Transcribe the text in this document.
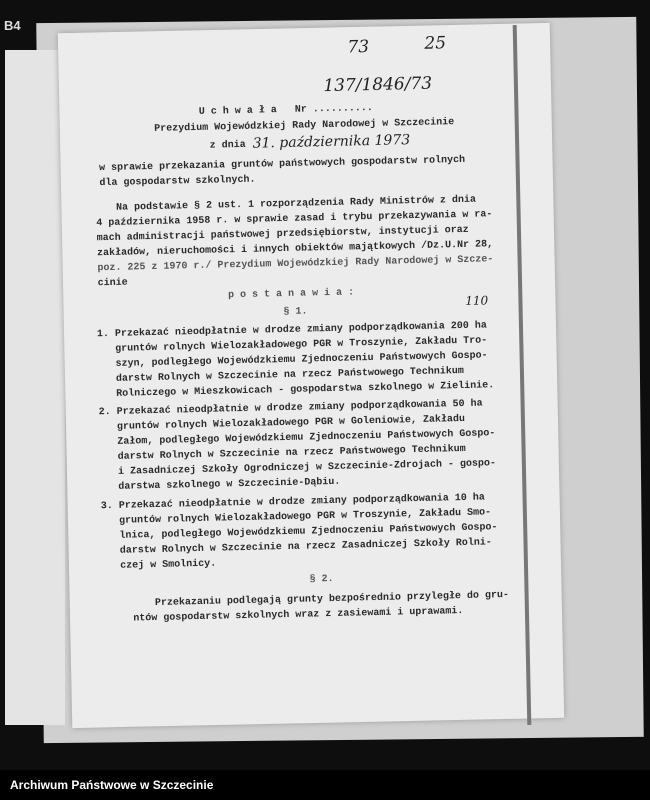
B4
73	25
137/1846/73
U c h w a ł a   Nr ..........
Prezydium Wojewódzkiej Rady Narodowej w Szczecinie
z dnia 31. października 1973
w sprawie przekazania gruntów państwowych gospodarstw rolnych
dla gospodarstw szkolnych.
Na podstawie § 2 ust. 1 rozporządzenia Rady Ministrów z dnia
4 października 1958 r. w sprawie zasad i trybu przekazywania w ra-
mach administracji państwowej przedsiębiorstw, instytucji oraz
zakładów, nieruchomości i innych obiektów majątkowych /Dz.U.Nr 28,
poz. 225 z 1970 r./ Prezydium Wojewódzkiej Rady Narodowej w Szcze-
cinie
p o s t a n a w i a :
§ 1.
110
1. Przekazać nieodpłatnie w drodze zmiany podporządkowania 200 ha
gruntów rolnych Wielozakładowego PGR w Troszynie, Zakładu Tro-
szyn, podległego Wojewódzkiemu Zjednoczeniu Państwowych Gospo-
darstw Rolnych w Szczecinie na rzecz Państwowego Technikum
Rolniczego w Mieszkowicach - gospodarstwa szkolnego w Zielinie.
2. Przekazać nieodpłatnie w drodze zmiany podporządkowania 50 ha
gruntów rolnych Wielozakładowego PGR w Goleniowie, Zakładu
Załom, podległego Wojewódzkiemu Zjednoczeniu Państwowych Gospo-
darstw Rolnych w Szczecinie na rzecz Państwowego Technikum
i Zasadniczej Szkoły Ogrodniczej w Szczecinie-Zdrojach - gospo-
darstwa szkolnego w Szczecinie-Dąbiu.
3. Przekazać nieodpłatnie w drodze zmiany podporządkowania 10 ha
gruntów rolnych Wielozakładowego PGR w Troszynie, Zakładu Smo-
lnica, podległego Wojewódzkiemu Zjednoczeniu Państwowych Gospo-
darstw Rolnych w Szczecinie na rzecz Zasadniczej Szkoły Rolni-
czej w Smolnicy.
§ 2.
Przekazaniu podlegają grunty bezpośrednio przyległe do gru-
ntów gospodarstw szkolnych wraz z zasiewami i uprawami.
Archiwum Państwowe w Szczecinie
